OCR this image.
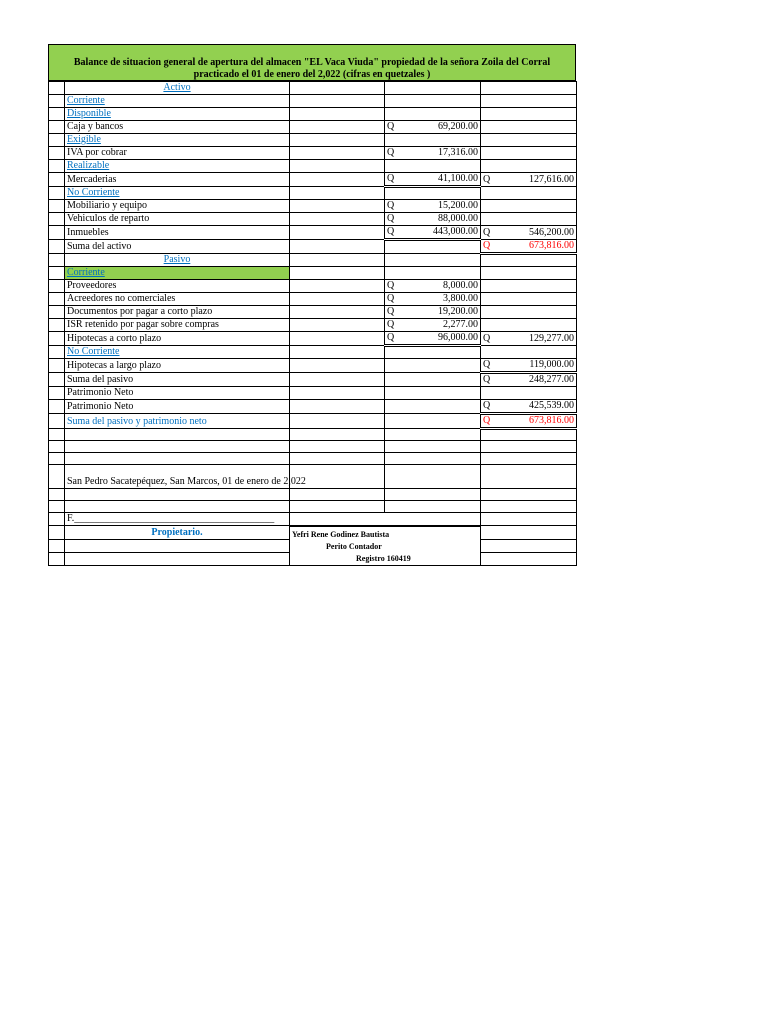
Balance de situacion general de apertura del almacen "EL Vaca Viuda" propiedad de la señora Zoila del Corral
practicado el 01 de enero del 2,022 (cifras en quetzales )
	Activo			
	Corriente			
	Disponible			
	Caja y bancos		Q 69,200.00	

	Exigible			
	IVA por cobrar		Q 17,316.00	

	Realizable			
	Mercaderias		Q 41,100.00	Q 127,616.00

	No Corriente			
	Mobiliario y equipo		Q 15,200.00	

	Vehiculos de reparto		Q 88,000.00	

	Inmuebles		Q 443,000.00	Q 546,200.00

	Suma del activo			Q 673,816.00

	Pasivo			
	Corriente			
	Proveedores		Q 8,000.00	

	Acreedores no comerciales		Q 3,800.00	

	Documentos por pagar a corto plazo		Q 19,200.00	

	ISR retenido por pagar sobre compras		Q 2,277.00	

	Hipotecas a corto plazo		Q 96,000.00	Q 129,277.00

	No Corriente			
	Hipotecas a largo plazo			Q 119,000.00

	Suma del pasivo			Q 248,277.00

	Patrimonio Neto			
	Patrimonio Neto			Q 425,539.00

	Suma del pasivo y patrimonio neto			Q 673,816.00

	San Pedro Sacatepéquez, San Marcos, 01 de enero de 2,022			

	F.________________________________________			
	Propietario.	Yefri Rene Godinez Bautista
Perito Contador
Registro 160419		
